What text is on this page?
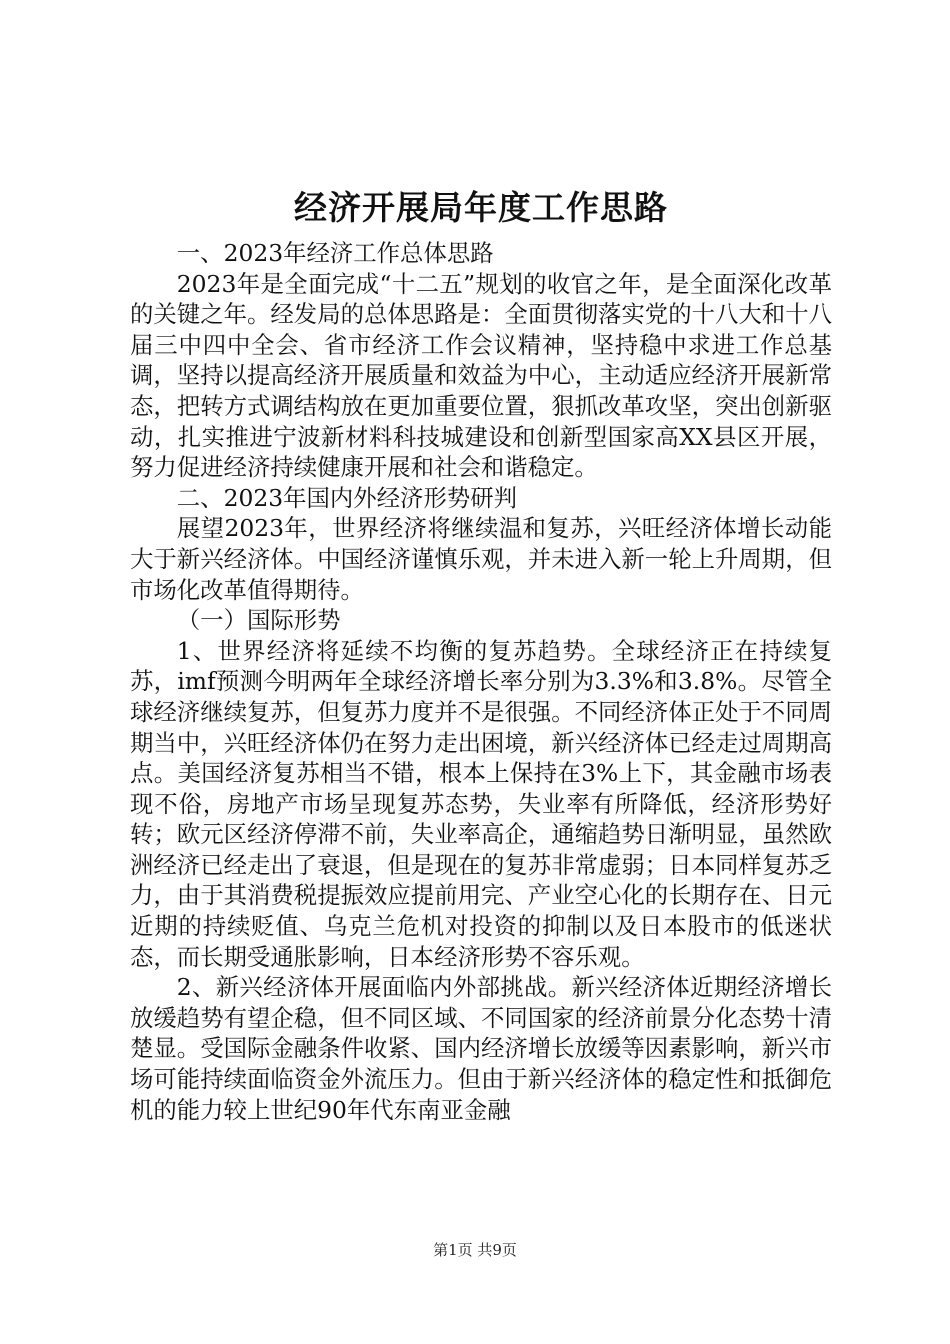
经济开展局年度工作思路

一、2023年经济工作总体思路

2023年是全面完成“十二五”规划的收官之年，是全面深化改革的关键之年。经发局的总体思路是：全面贯彻落实党的十八大和十八届三中四中全会、省市经济工作会议精神，坚持稳中求进工作总基调，坚持以提高经济开展质量和效益为中心，主动适应经济开展新常态，把转方式调结构放在更加重要位置，狠抓改革攻坚，突出创新驱动，扎实推进宁波新材料科技城建设和创新型国家高XX县区开展，努力促进经济持续健康开展和社会和谐稳定。

二、2023年国内外经济形势研判

展望2023年，世界经济将继续温和复苏，兴旺经济体增长动能大于新兴经济体。中国经济谨慎乐观，并未进入新一轮上升周期，但市场化改革值得期待。

（一）国际形势

1、世界经济将延续不均衡的复苏趋势。全球经济正在持续复苏，imf预测今明两年全球经济增长率分别为3.3%和3.8%。尽管全球经济继续复苏，但复苏力度并不是很强。不同经济体正处于不同周期当中，兴旺经济体仍在努力走出困境，新兴经济体已经走过周期高点。美国经济复苏相当不错，根本上保持在3%上下，其金融市场表现不俗，房地产市场呈现复苏态势，失业率有所降低，经济形势好转；欧元区经济停滞不前，失业率高企，通缩趋势日渐明显，虽然欧洲经济已经走出了衰退，但是现在的复苏非常虚弱；日本同样复苏乏力，由于其消费税提振效应提前用完、产业空心化的长期存在、日元近期的持续贬值、乌克兰危机对投资的抑制以及日本股市的低迷状态，而长期受通胀影响，日本经济形势不容乐观。

2、新兴经济体开展面临内外部挑战。新兴经济体近期经济增长放缓趋势有望企稳，但不同区域、不同国家的经济前景分化态势十清楚显。受国际金融条件收紧、国内经济增长放缓等因素影响，新兴市场可能持续面临资金外流压力。但由于新兴经济体的稳定性和抵御危机的能力较上世纪90年代东南亚金融

第1页 共9页
